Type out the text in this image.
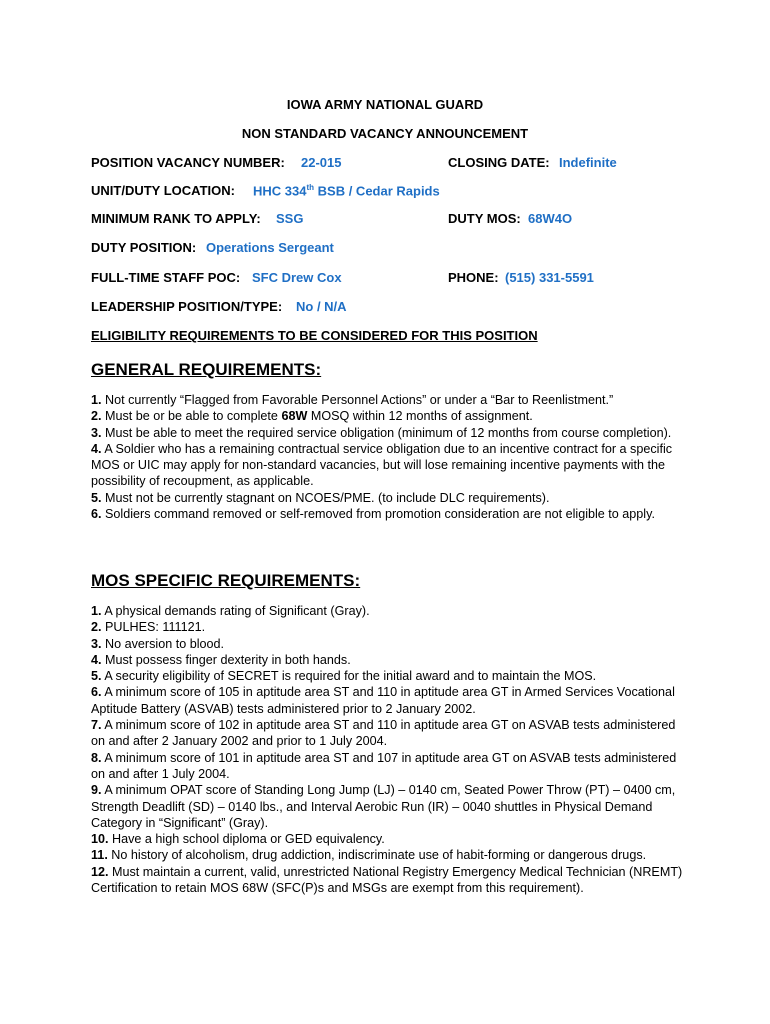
IOWA ARMY NATIONAL GUARD
NON STANDARD VACANCY ANNOUNCEMENT
POSITION VACANCY NUMBER: 22-015	CLOSING DATE: Indefinite
UNIT/DUTY LOCATION: HHC 334th BSB / Cedar Rapids
MINIMUM RANK TO APPLY: SSG	DUTY MOS: 68W4O
DUTY POSITION: Operations Sergeant
FULL-TIME STAFF POC: SFC Drew Cox	PHONE: (515) 331-5591
LEADERSHIP POSITION/TYPE: No / N/A
ELIGIBILITY REQUIREMENTS TO BE CONSIDERED FOR THIS POSITION
GENERAL REQUIREMENTS:
1. Not currently “Flagged from Favorable Personnel Actions” or under a “Bar to Reenlistment.”
2. Must be or be able to complete 68W MOSQ within 12 months of assignment.
3. Must be able to meet the required service obligation (minimum of 12 months from course completion).
4. A Soldier who has a remaining contractual service obligation due to an incentive contract for a specific MOS or UIC may apply for non-standard vacancies, but will lose remaining incentive payments with the possibility of recoupment, as applicable.
5. Must not be currently stagnant on NCOES/PME. (to include DLC requirements).
6. Soldiers command removed or self-removed from promotion consideration are not eligible to apply.
MOS SPECIFIC REQUIREMENTS:
1. A physical demands rating of Significant (Gray).
2. PULHES: 111121.
3. No aversion to blood.
4. Must possess finger dexterity in both hands.
5. A security eligibility of SECRET is required for the initial award and to maintain the MOS.
6. A minimum score of 105 in aptitude area ST and 110 in aptitude area GT in Armed Services Vocational Aptitude Battery (ASVAB) tests administered prior to 2 January 2002.
7. A minimum score of 102 in aptitude area ST and 110 in aptitude area GT on ASVAB tests administered on and after 2 January 2002 and prior to 1 July 2004.
8. A minimum score of 101 in aptitude area ST and 107 in aptitude area GT on ASVAB tests administered on and after 1 July 2004.
9. A minimum OPAT score of Standing Long Jump (LJ) – 0140 cm, Seated Power Throw (PT) – 0400 cm, Strength Deadlift (SD) – 0140 lbs., and Interval Aerobic Run (IR) – 0040 shuttles in Physical Demand Category in “Significant” (Gray).
10. Have a high school diploma or GED equivalency.
11. No history of alcoholism, drug addiction, indiscriminate use of habit-forming or dangerous drugs.
12. Must maintain a current, valid, unrestricted National Registry Emergency Medical Technician (NREMT) Certification to retain MOS 68W (SFC(P)s and MSGs are exempt from this requirement).
